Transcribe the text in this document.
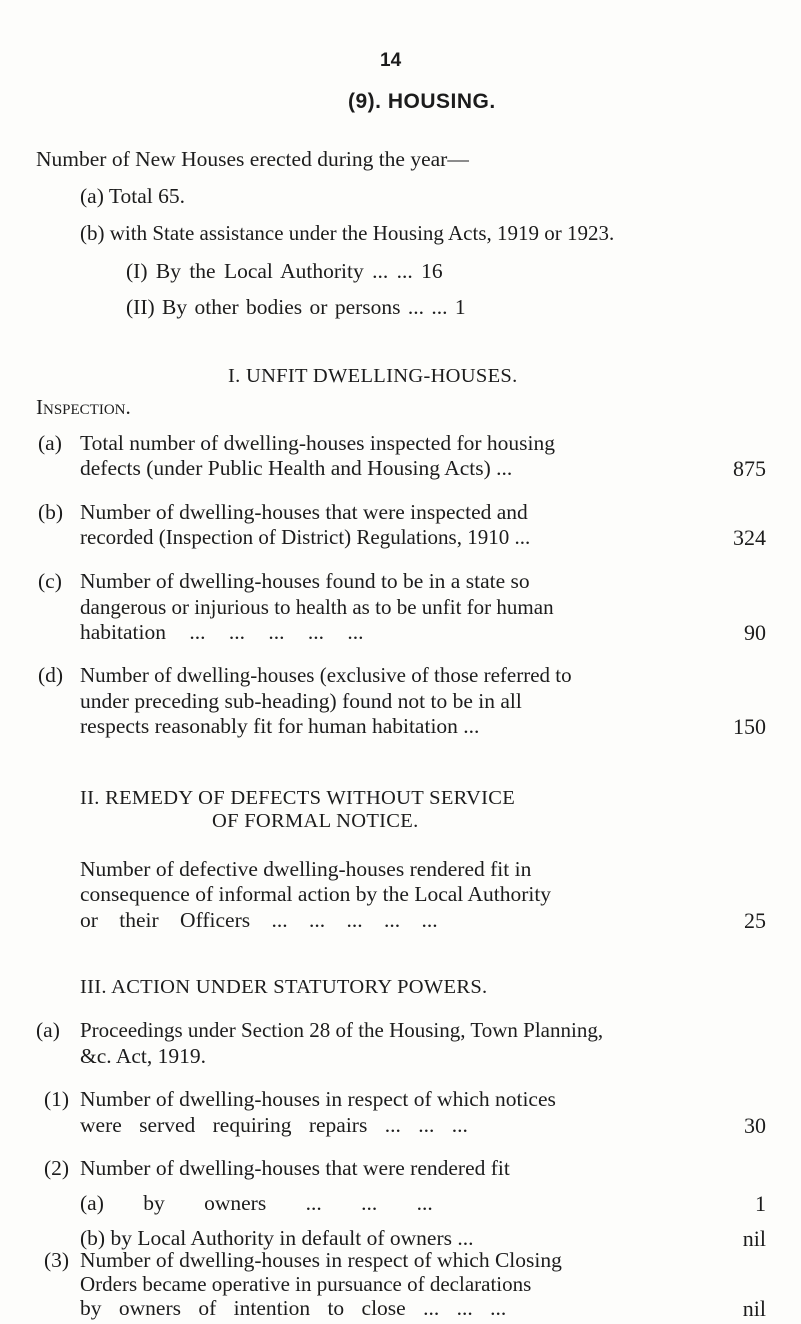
14
(9). HOUSING.
Number of New Houses erected during the year—
(a) Total 65.
(b) with State assistance under the Housing Acts, 1919 or 1923.
(I) By the Local Authority ... ... 16
(II) By other bodies or persons ... ... 1
I. UNFIT DWELLING-HOUSES.
Inspection.
(a) Total number of dwelling-houses inspected for housing
defects (under Public Health and Housing Acts) ...	875
(b) Number of dwelling-houses that were inspected and
recorded (Inspection of District) Regulations, 1910 ...	324
(c) Number of dwelling-houses found to be in a state so
dangerous or injurious to health as to be unfit for human
habitation ... ... ... ... ...	90
(d) Number of dwelling-houses (exclusive of those referred to
under preceding sub-heading) found not to be in all
respects reasonably fit for human habitation ...	150
II. REMEDY OF DEFECTS WITHOUT SERVICE
OF FORMAL NOTICE.
Number of defective dwelling-houses rendered fit in
consequence of informal action by the Local Authority
or their Officers ... ... ... ... ...	25
III. ACTION UNDER STATUTORY POWERS.
(a) Proceedings under Section 28 of the Housing, Town Planning,
&c. Act, 1919.
(1) Number of dwelling-houses in respect of which notices
were served requiring repairs ... ... ...	30
(2) Number of dwelling-houses that were rendered fit
(a) by owners ... ... ...	1
(b) by Local Authority in default of owners ...	nil
(3) Number of dwelling-houses in respect of which Closing
Orders became operative in pursuance of declarations
by owners of intention to close ... ... ...	nil
